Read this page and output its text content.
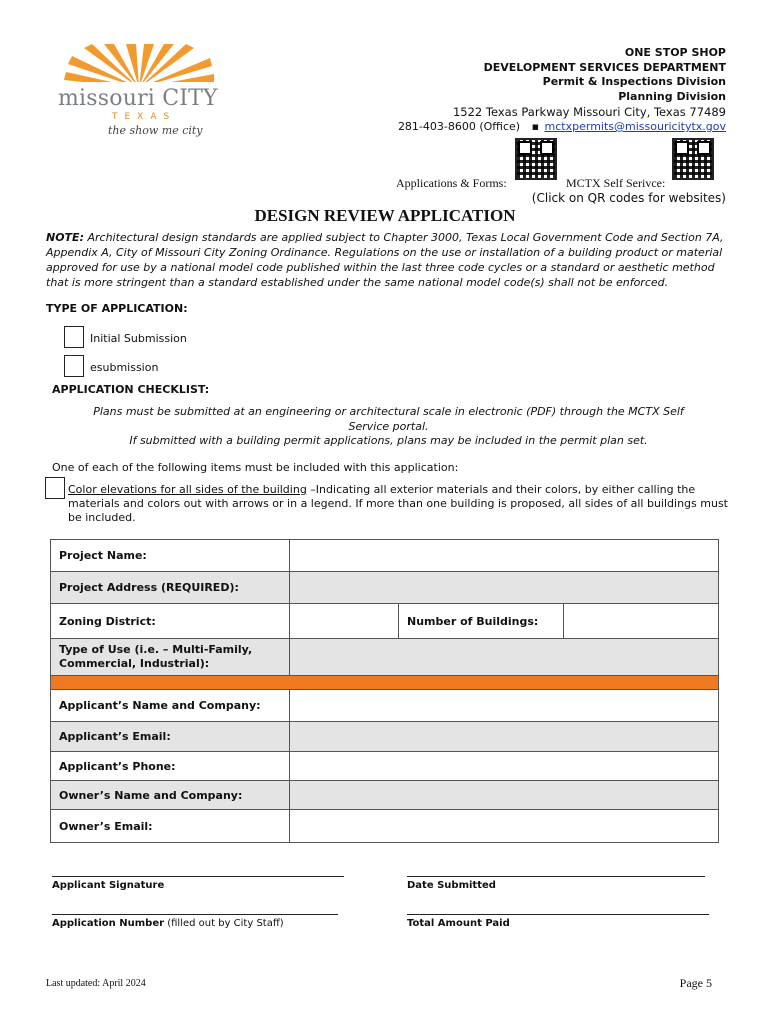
missouri CITY
TEXAS
the show me city
ONE STOP SHOP
DEVELOPMENT SERVICES DEPARTMENT
Permit & Inspections Division
Planning Division
1522 Texas Parkway Missouri City, Texas 77489
281-403-8600 (Office) ▪ mctxpermits@missouricitytx.gov
Applications & Forms:	MCTX Self Serivce:
(Click on QR codes for websites)
DESIGN REVIEW APPLICATION
NOTE: Architectural design standards are applied subject to Chapter 3000, Texas Local Government Code and Section 7A, Appendix A, City of Missouri City Zoning Ordinance. Regulations on the use or installation of a building product or material approved for use by a national model code published within the last three code cycles or a standard or aesthetic method that is more stringent than a standard established under the same national model code(s) shall not be enforced.
TYPE OF APPLICATION:
Initial Submission
esubmission
APPLICATION CHECKLIST:
Plans must be submitted at an engineering or architectural scale in electronic (PDF) through the MCTX Self Service portal.
If submitted with a building permit applications, plans may be included in the permit plan set.
One of each of the following items must be included with this application:
Color elevations for all sides of the building –Indicating all exterior materials and their colors, by either calling the materials and colors out with arrows or in a legend. If more than one building is proposed, all sides of all buildings must be included.
Project Name:			
Project Address (REQUIRED):			
Zoning District:		Number of Buildings:	
Type of Use (i.e. – Multi-Family, Commercial, Industrial):			

Applicant’s Name and Company:			
Applicant’s Email:			
Applicant’s Phone:			
Owner’s Name and Company:			
Owner’s Email:			
Applicant Signature	Date Submitted
Application Number (filled out by City Staff)	Total Amount Paid
Last updated: April 2024	Page 5
